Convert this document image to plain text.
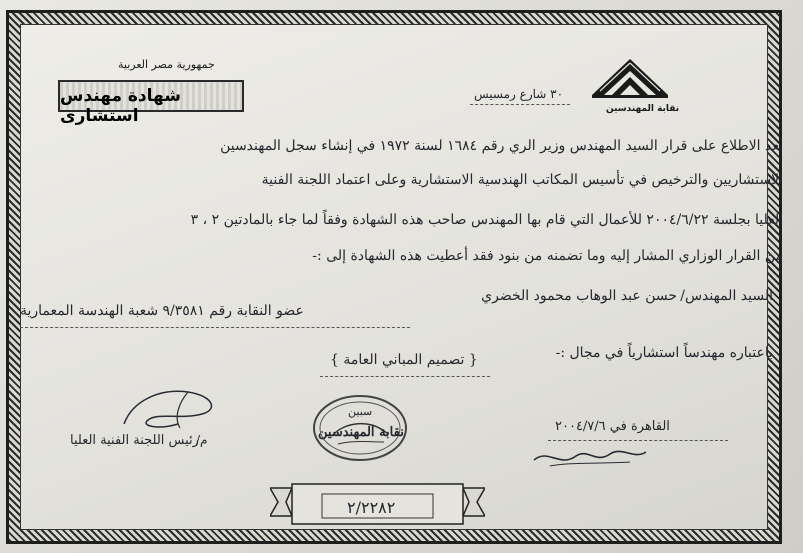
جمهورية مصر العربية
شهادة مهندس استشارى
٣٠ شارع رمسيس
نقابة المهندسين
بعد الاطلاع على قرار السيد المهندس وزير الري رقم ١٦٨٤ لسنة ١٩٧٢ في إنشاء سجل المهندسين
الاستشاريين والترخيص في تأسيس المكاتب الهندسية الاستشارية وعلى اعتماد اللجنة الفنية
العليا بجلسة ٢٠٠٤/٦/٢٢ للأعمال التي قام بها المهندس صاحب هذه الشهادة وفقاً لما جاء بالمادتين ٢ ، ٣
من القرار الوزاري المشار إليه وما تضمنه من بنود فقد أعطيت هذه الشهادة إلى :-
السيد المهندس/
حسن عبد الوهاب محمود الخضري
عضو النقابة رقم ٩/٣٥٨١ شعبة الهندسة المعمارية
باعتباره مهندساً استشارياً في مجال :-
{ تصميم المباني العامة }
القاهرة في ٢٠٠٤/٧/٦
م/
رئيس اللجنة الفنية العليا
سبين
نقابة المهندسين
٢/٢٢٨٢
